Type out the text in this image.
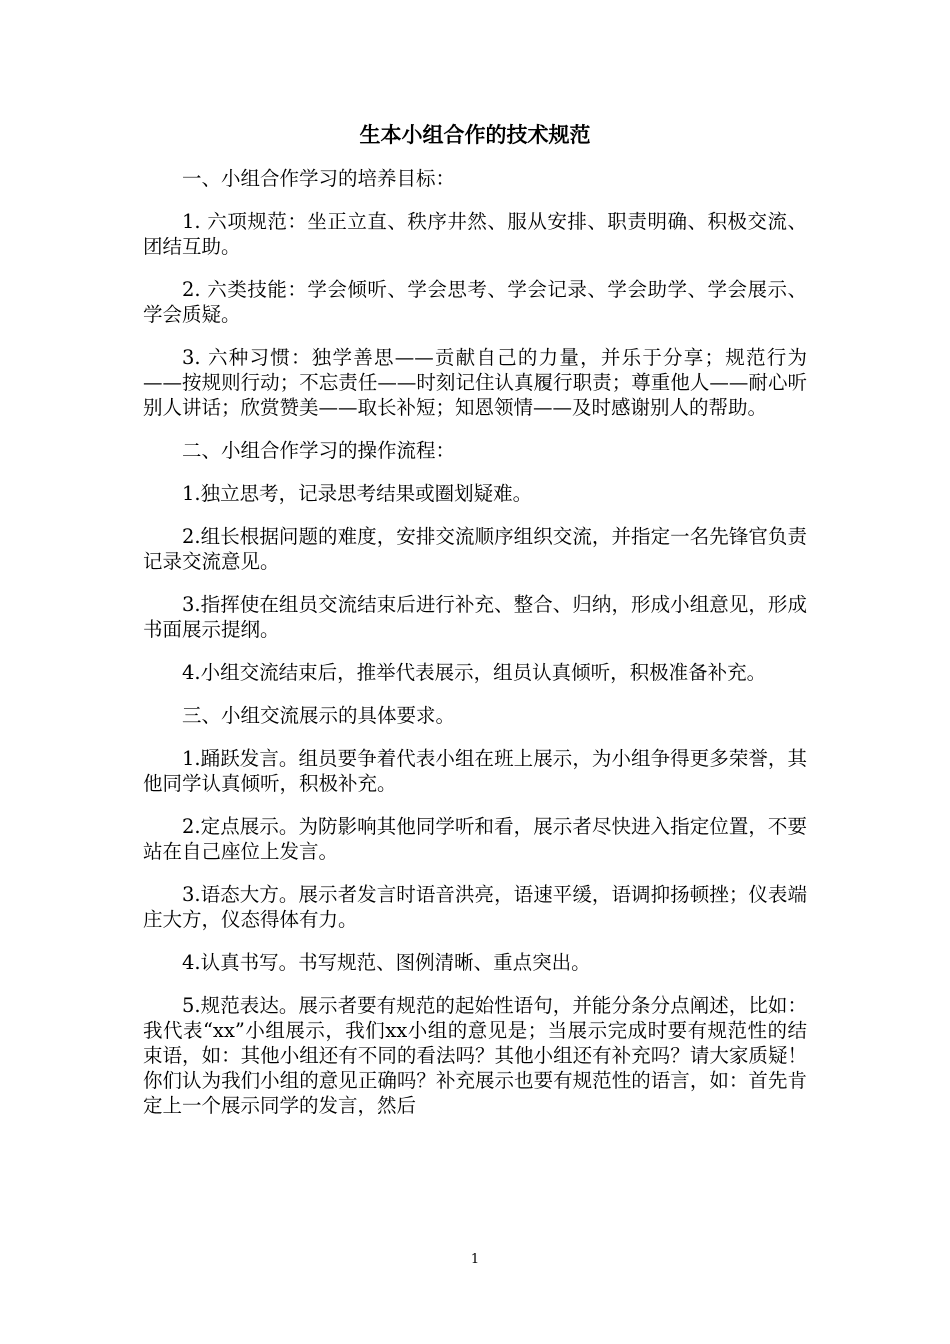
生本小组合作的技术规范

一、小组合作学习的培养目标：

1. 六项规范：坐正立直、秩序井然、服从安排、职责明确、积极交流、团结互助。

2. 六类技能：学会倾听、学会思考、学会记录、学会助学、学会展示、学会质疑。

3. 六种习惯：独学善思——贡献自己的力量，并乐于分享；规范行为——按规则行动；不忘责任——时刻记住认真履行职责；尊重他人——耐心听别人讲话；欣赏赞美——取长补短；知恩领情——及时感谢别人的帮助。

二、小组合作学习的操作流程：

1.独立思考，记录思考结果或圈划疑难。

2.组长根据问题的难度，安排交流顺序组织交流，并指定一名先锋官负责记录交流意见。

3.指挥使在组员交流结束后进行补充、整合、归纳，形成小组意见，形成书面展示提纲。

4.小组交流结束后，推举代表展示，组员认真倾听，积极准备补充。

三、小组交流展示的具体要求。

1.踊跃发言。组员要争着代表小组在班上展示，为小组争得更多荣誉，其他同学认真倾听，积极补充。

2.定点展示。为防影响其他同学听和看，展示者尽快进入指定位置，不要站在自己座位上发言。

3.语态大方。展示者发言时语音洪亮，语速平缓，语调抑扬顿挫；仪表端庄大方，仪态得体有力。

4.认真书写。书写规范、图例清晰、重点突出。

5.规范表达。展示者要有规范的起始性语句，并能分条分点阐述，比如：我代表“xx”小组展示，我们xx小组的意见是；当展示完成时要有规范性的结束语，如：其他小组还有不同的看法吗？其他小组还有补充吗？请大家质疑！你们认为我们小组的意见正确吗？补充展示也要有规范性的语言，如：首先肯定上一个展示同学的发言，然后

1
